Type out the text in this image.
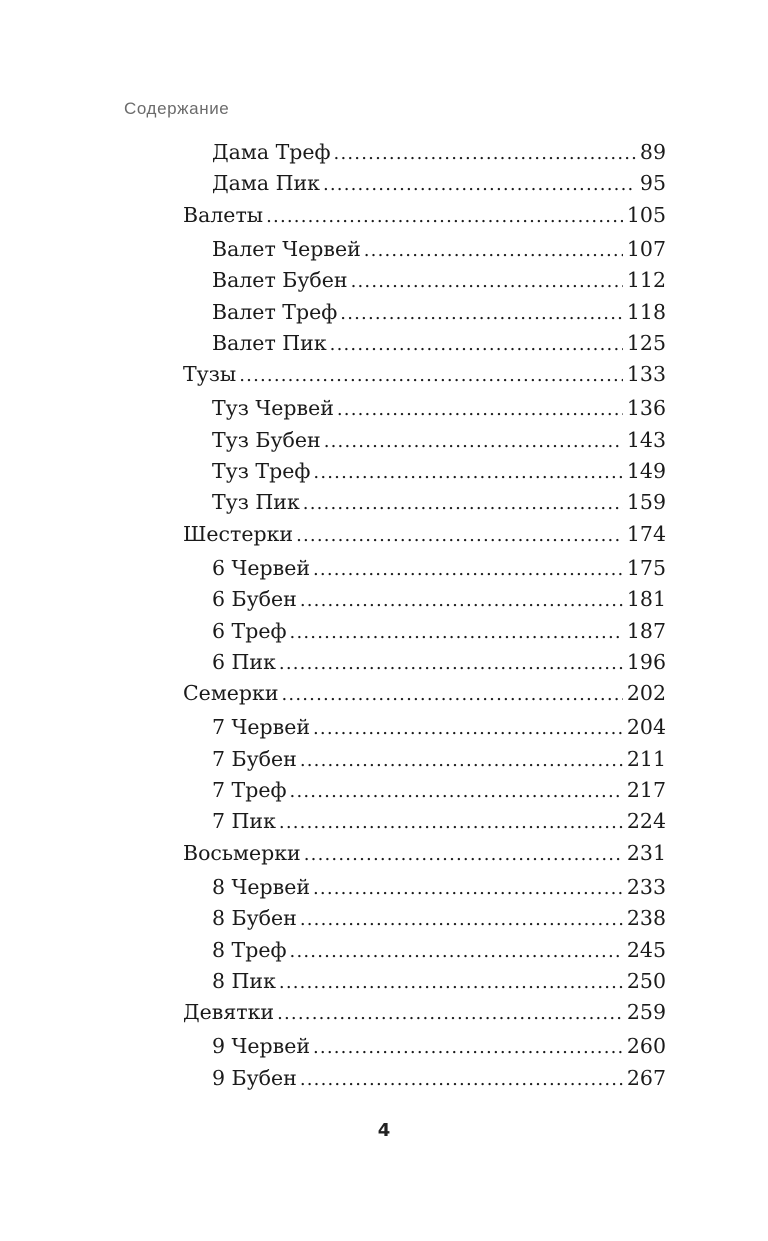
Содержание
Дама Треф .....	89
Дама Пик .....	95
Валеты .....	105
Валет Червей .....	107
Валет Бубен .....	112
Валет Треф .....	118
Валет Пик .....	125
Тузы .....	133
Туз Червей .....	136
Туз Бубен .....	143
Туз Треф .....	149
Туз Пик .....	159
Шестерки .....	174
6 Червей .....	175
6 Бубен .....	181
6 Треф .....	187
6 Пик .....	196
Семерки .....	202
7 Червей .....	204
7 Бубен .....	211
7 Треф .....	217
7 Пик .....	224
Восьмерки .....	231
8 Червей .....	233
8 Бубен .....	238
8 Треф .....	245
8 Пик .....	250
Девятки .....	259
9 Червей .....	260
9 Бубен .....	267
4
